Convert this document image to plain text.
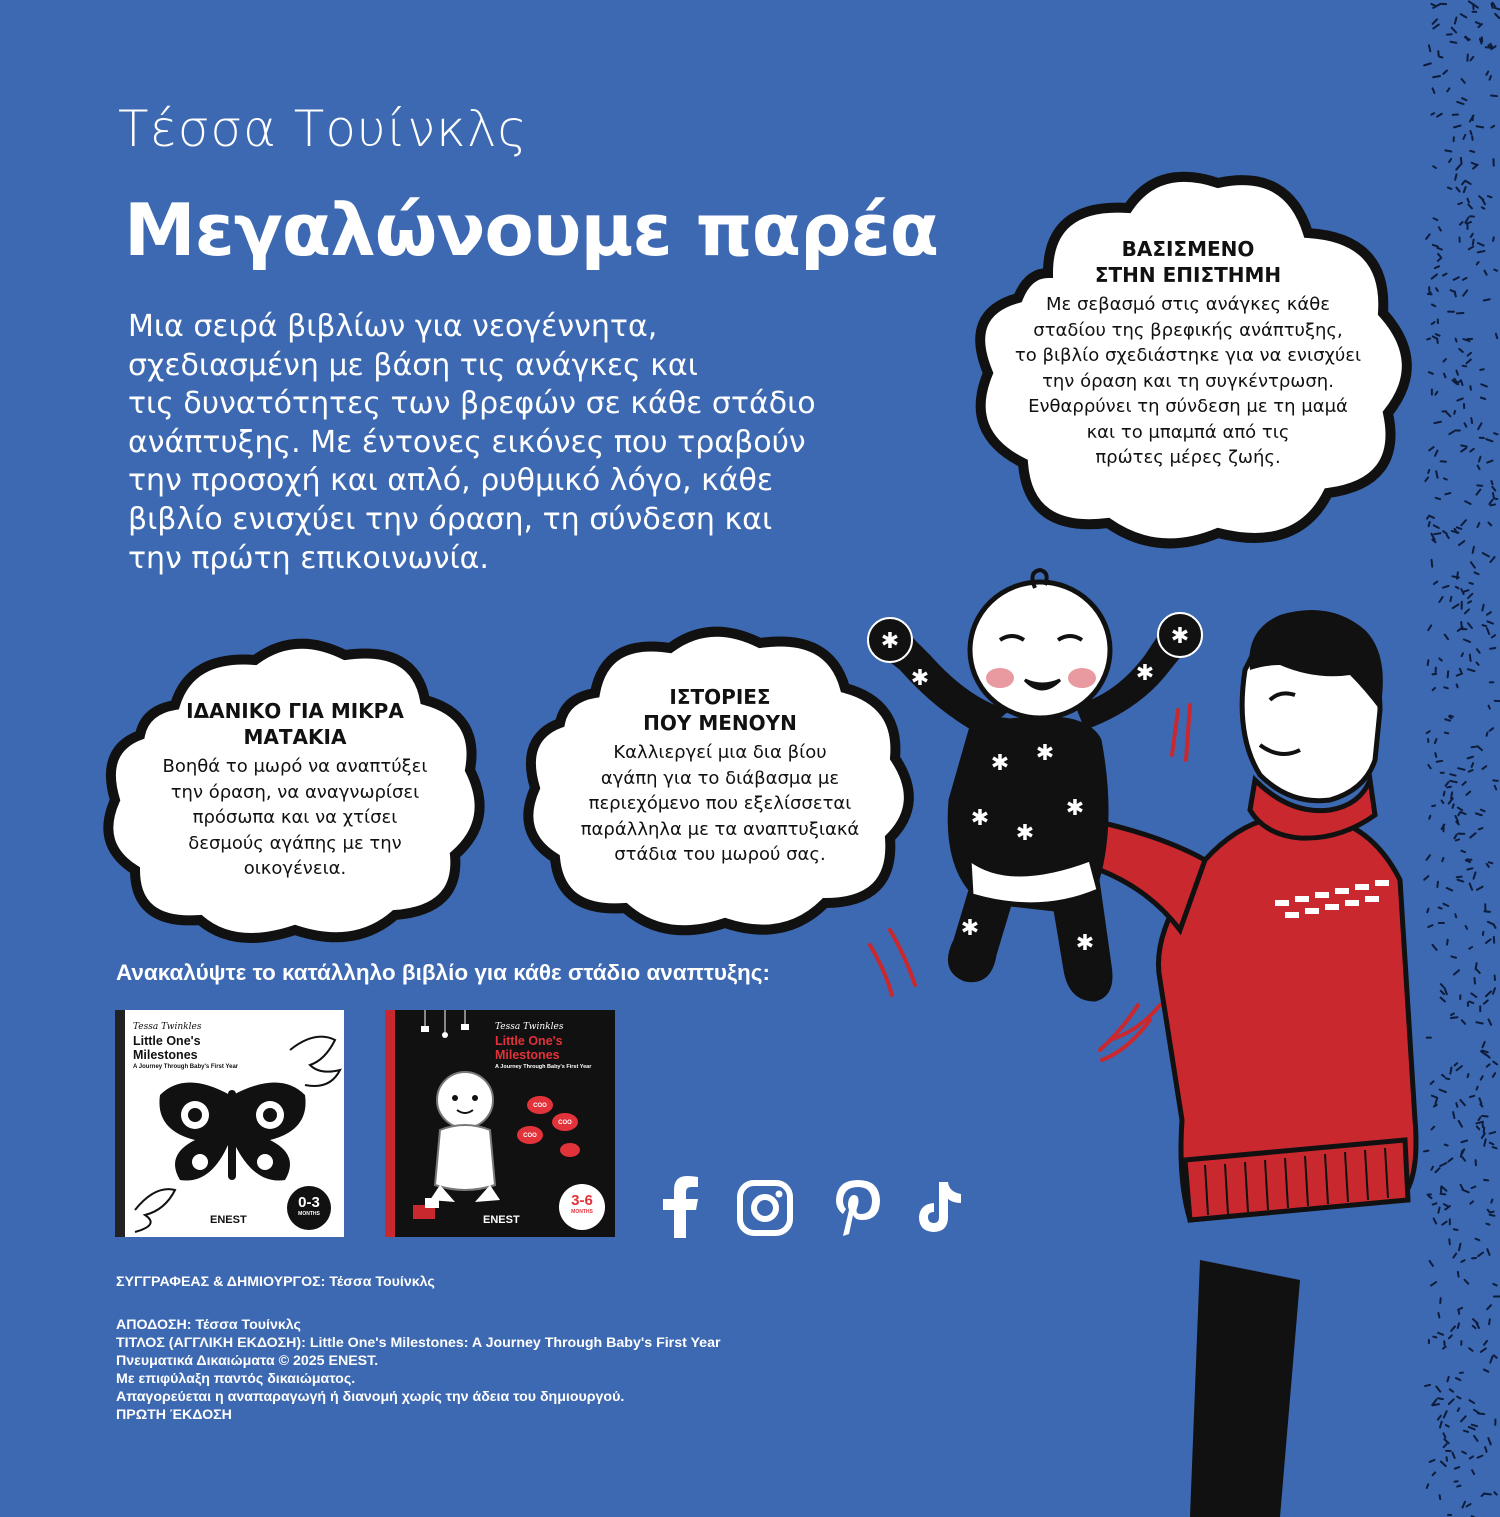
Τέσσα Τουίνκλς
Μεγαλώνουμε παρέα
Μια σειρά βιβλίων για νεογέννητα,
σχεδιασμένη με βάση τις ανάγκες και
τις δυνατότητες των βρεφών σε κάθε στάδιο
ανάπτυξης. Με έντονες εικόνες που τραβούν
την προσοχή και απλό, ρυθμικό λόγο, κάθε
βιβλίο ενισχύει την όραση, τη σύνδεση και
την πρώτη επικοινωνία.
✱	✱
✱ ✱
✱	✱
✱
✱
✱
✱	✱
ΒΑΣΙΣΜΕΝΟ
ΣΤΗΝ ΕΠΙΣΤΗΜΗ
Με σεβασμό στις ανάγκες κάθε
σταδίου της βρεφικής ανάπτυξης,
το βιβλίο σχεδιάστηκε για να ενισχύει
την όραση και τη συγκέντρωση.
Ενθαρρύνει τη σύνδεση με τη μαμά
και το μπαμπά από τις
πρώτες μέρες ζωής.
ΙΔΑΝΙΚΟ ΓΙΑ ΜΙΚΡΑ
ΜΑΤΑΚΙΑ
Βοηθά το μωρό να αναπτύξει
την όραση, να αναγνωρίσει
πρόσωπα και να χτίσει
δεσμούς αγάπης με την
οικογένεια.
ΙΣΤΟΡΙΕΣ
ΠΟΥ ΜΕΝΟΥΝ
Καλλιεργεί μια δια βίου
αγάπη για το διάβασμα με
περιεχόμενο που εξελίσσεται
παράλληλα με τα αναπτυξιακά
στάδια του μωρού σας.
Ανακαλύψτε το κατάλληλο βιβλίο για κάθε στάδιο αναπτυξης:
Tessa Twinkles
Little One's
Milestones
A Journey Through Baby's First Year
ENEST
0-3
MONTHS
Tessa Twinkles
Little One's
Milestones
A Journey Through Baby's First Year
COO
COO
COO
ENEST
3-6
MONTHS
ΣΥΓΓΡΑΦΕΑΣ & ΔΗΜΙΟΥΡΓΟΣ: Τέσσα Τουίνκλς
ΑΠΟΔΟΣΗ: Τέσσα Τουίνκλς
ΤΙΤΛΟΣ (ΑΓΓΛΙΚΗ ΕΚΔΟΣΗ): Little One's Milestones: A Journey Through Baby's First Year
Πνευματικά Δικαιώματα © 2025 ENEST.
Με επιφύλαξη παντός δικαιώματος.
Απαγορεύεται η αναπαραγωγή ή διανομή χωρίς την άδεια του δημιουργού.
ΠΡΩΤΗ ΈΚΔΟΣΗ
